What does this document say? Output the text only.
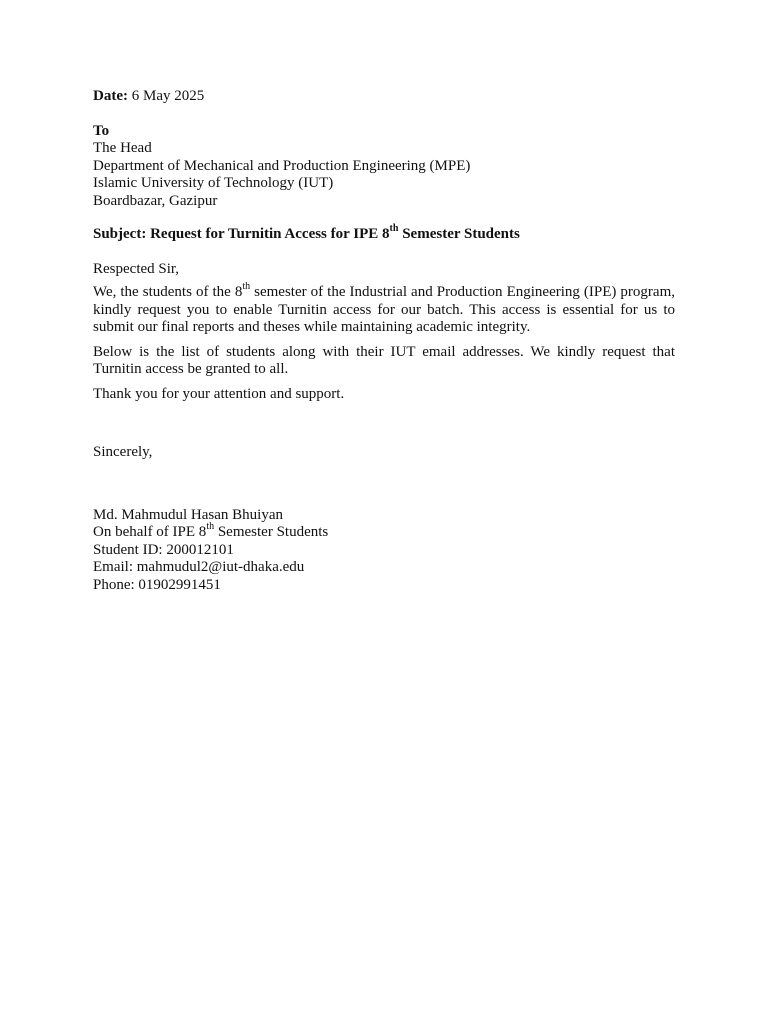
Date: 6 May 2025
To
The Head
Department of Mechanical and Production Engineering (MPE)
Islamic University of Technology (IUT)
Boardbazar, Gazipur
Subject: Request for Turnitin Access for IPE 8th Semester Students
Respected Sir,
We, the students of the 8th semester of the Industrial and Production Engineering (IPE) program, kindly request you to enable Turnitin access for our batch. This access is essential for us to submit our final reports and theses while maintaining academic integrity.
Below is the list of students along with their IUT email addresses. We kindly request that Turnitin access be granted to all.
Thank you for your attention and support.
Sincerely,
Md. Mahmudul Hasan Bhuiyan
On behalf of IPE 8th Semester Students
Student ID: 200012101
Email: mahmudul2@iut-dhaka.edu
Phone: 01902991451
